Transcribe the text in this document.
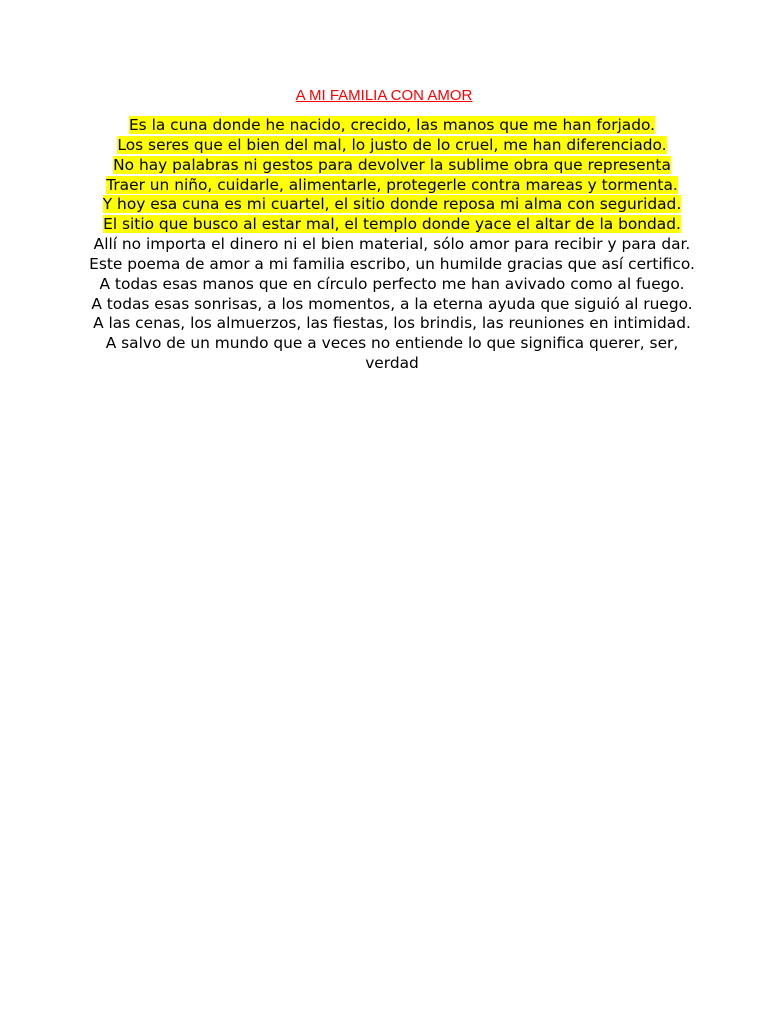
A MI FAMILIA CON AMOR

Es la cuna donde he nacido, crecido, las manos que me han forjado.

Los seres que el bien del mal, lo justo de lo cruel, me han diferenciado.

No hay palabras ni gestos para devolver la sublime obra que representa

Traer un niño, cuidarle, alimentarle, protegerle contra mareas y tormenta.

Y hoy esa cuna es mi cuartel, el sitio donde reposa mi alma con seguridad.

El sitio que busco al estar mal, el templo donde yace el altar de la bondad.

Allí no importa el dinero ni el bien material, sólo amor para recibir y para dar.

Este poema de amor a mi familia escribo, un humilde gracias que así certifico.

A todas esas manos que en círculo perfecto me han avivado como al fuego.

A todas esas sonrisas, a los momentos, a la eterna ayuda que siguió al ruego.

A las cenas, los almuerzos, las fiestas, los brindis, las reuniones en intimidad.

A salvo de un mundo que a veces no entiende lo que significa querer, ser, verdad
